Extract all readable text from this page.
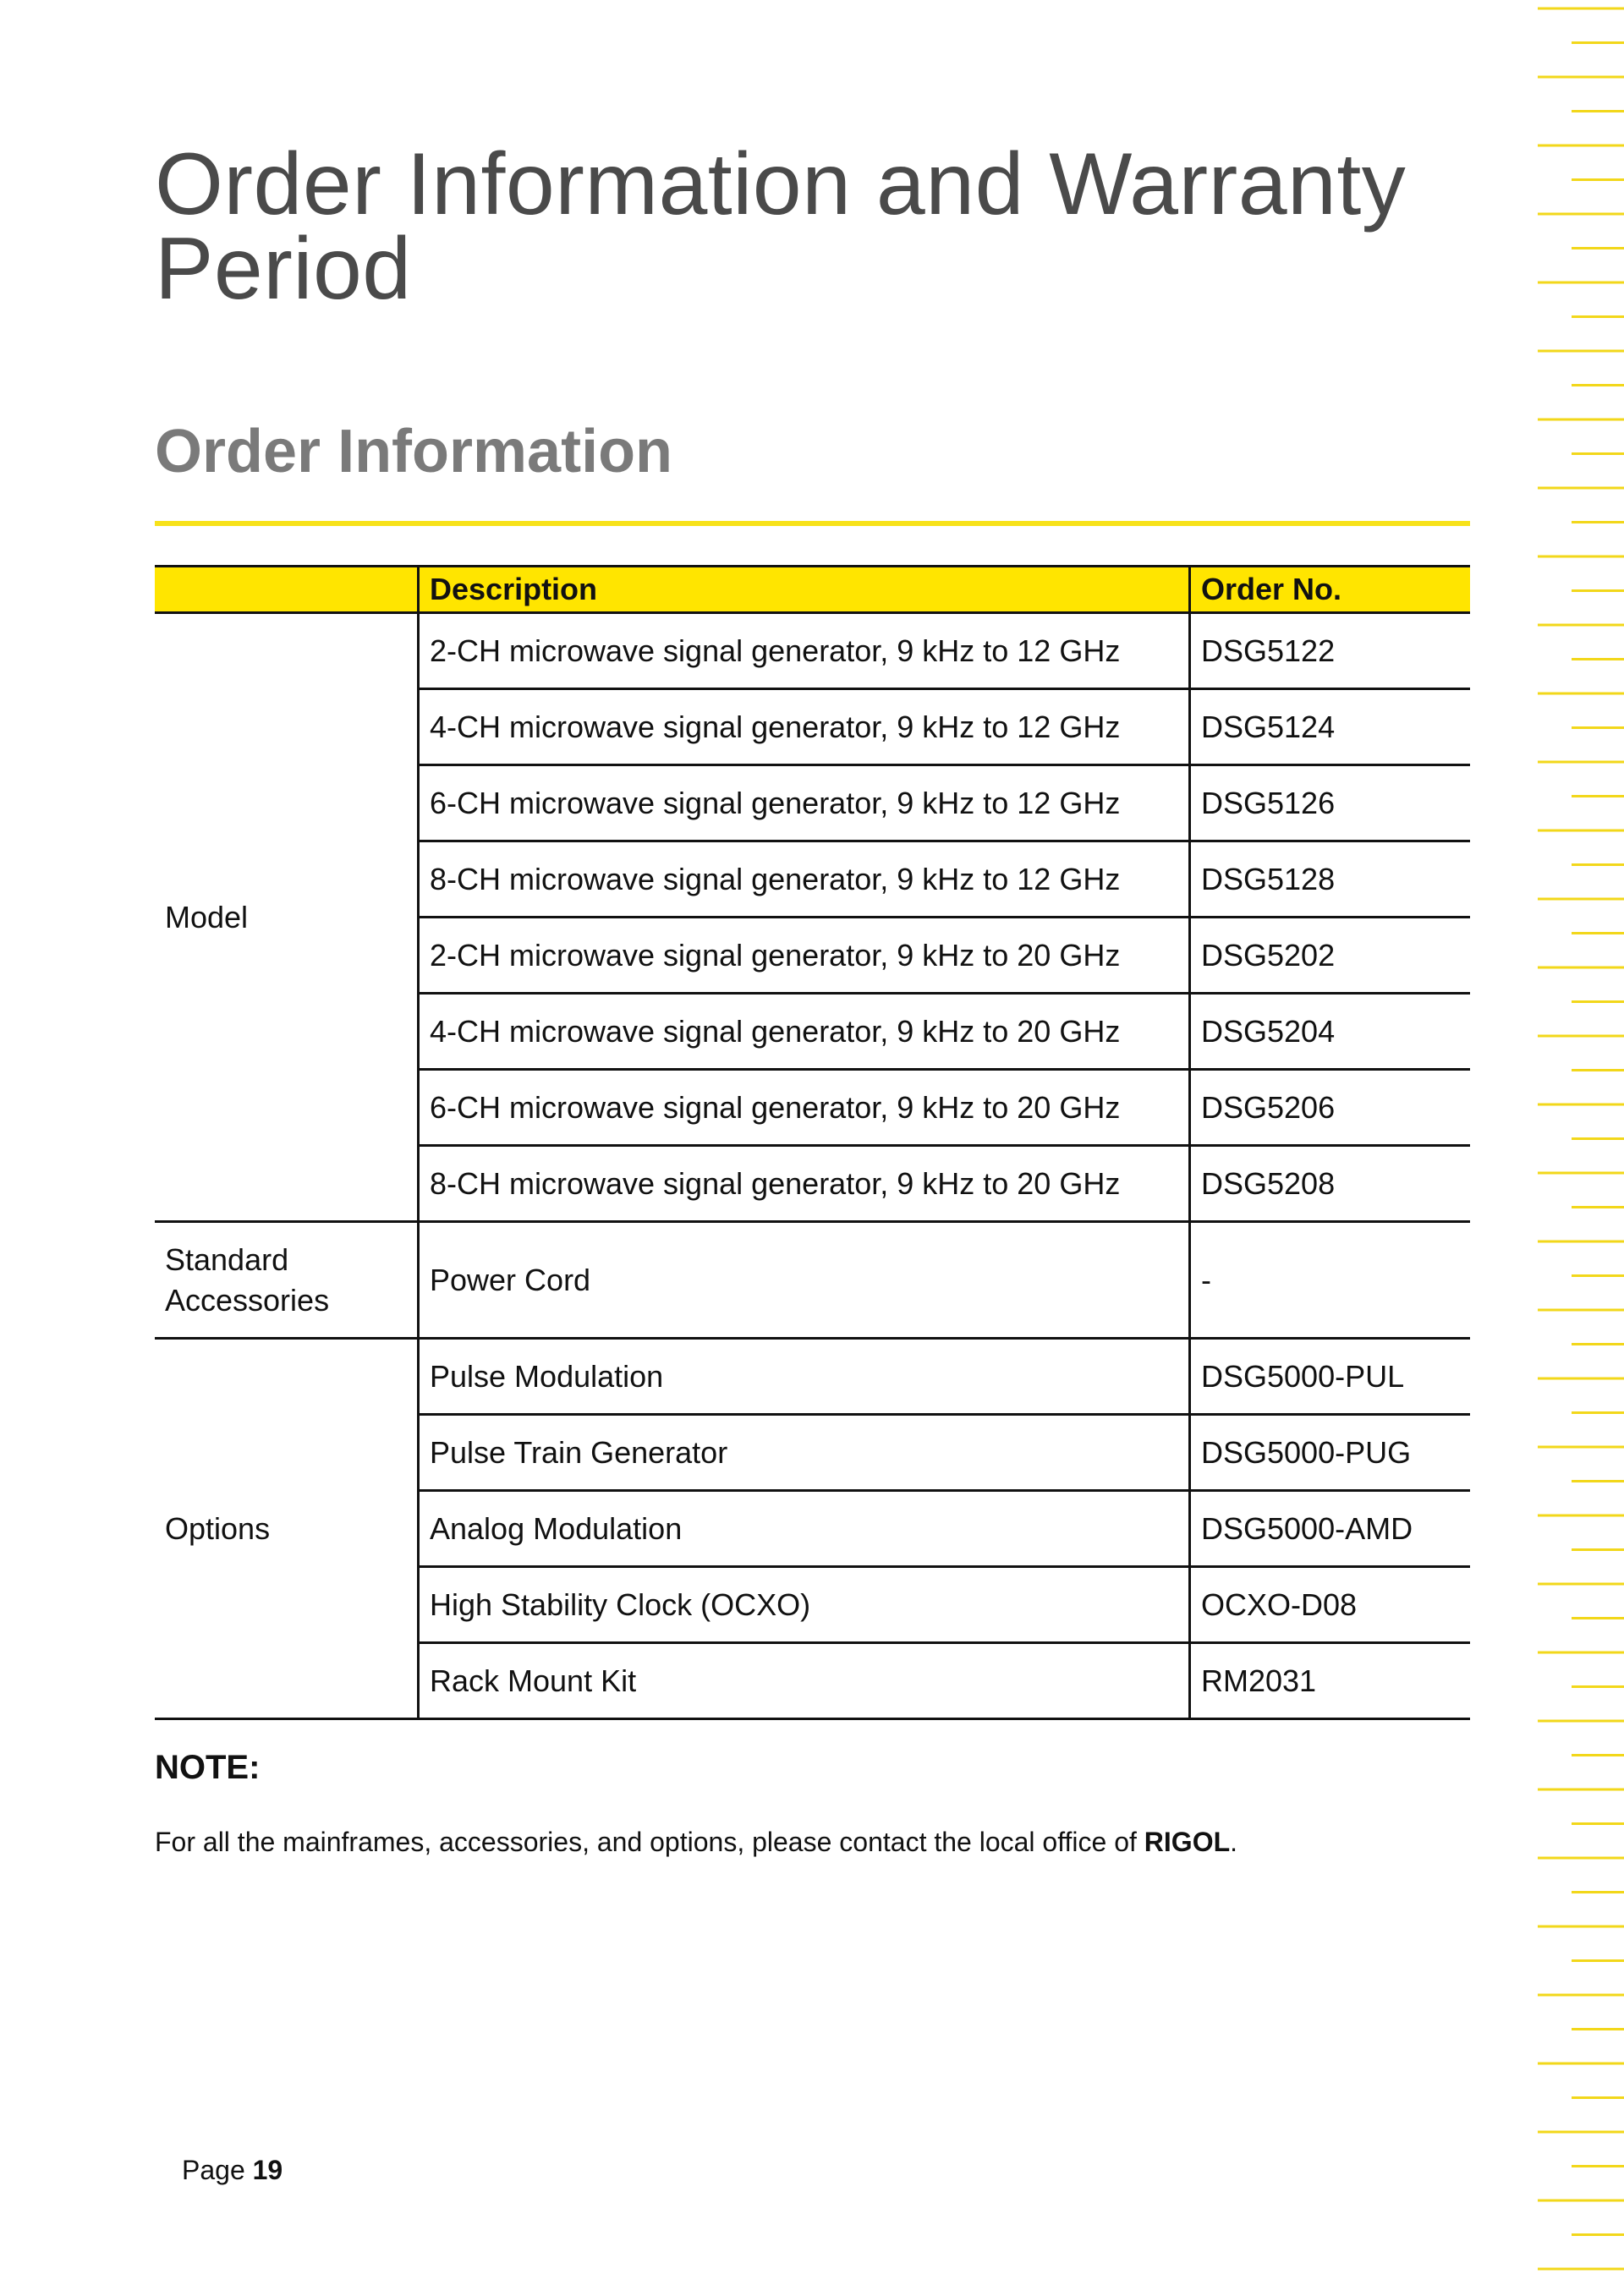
Order Information and Warranty
Period
Order Information
	Description	Order No.
Model	2-CH microwave signal generator, 9 kHz to 12 GHz	DSG5122
	4-CH microwave signal generator, 9 kHz to 12 GHz	DSG5124
	6-CH microwave signal generator, 9 kHz to 12 GHz	DSG5126
	8-CH microwave signal generator, 9 kHz to 12 GHz	DSG5128
	2-CH microwave signal generator, 9 kHz to 20 GHz	DSG5202
	4-CH microwave signal generator, 9 kHz to 20 GHz	DSG5204
	6-CH microwave signal generator, 9 kHz to 20 GHz	DSG5206
	8-CH microwave signal generator, 9 kHz to 20 GHz	DSG5208
Standard
Accessories	Power Cord	-
Options	Pulse Modulation	DSG5000-PUL
	Pulse Train Generator	DSG5000-PUG
	Analog Modulation	DSG5000-AMD
	High Stability Clock (OCXO)	OCXO-D08
	Rack Mount Kit	RM2031
NOTE:

For all the mainframes, accessories, and options, please contact the local office of RIGOL.

Page 19
